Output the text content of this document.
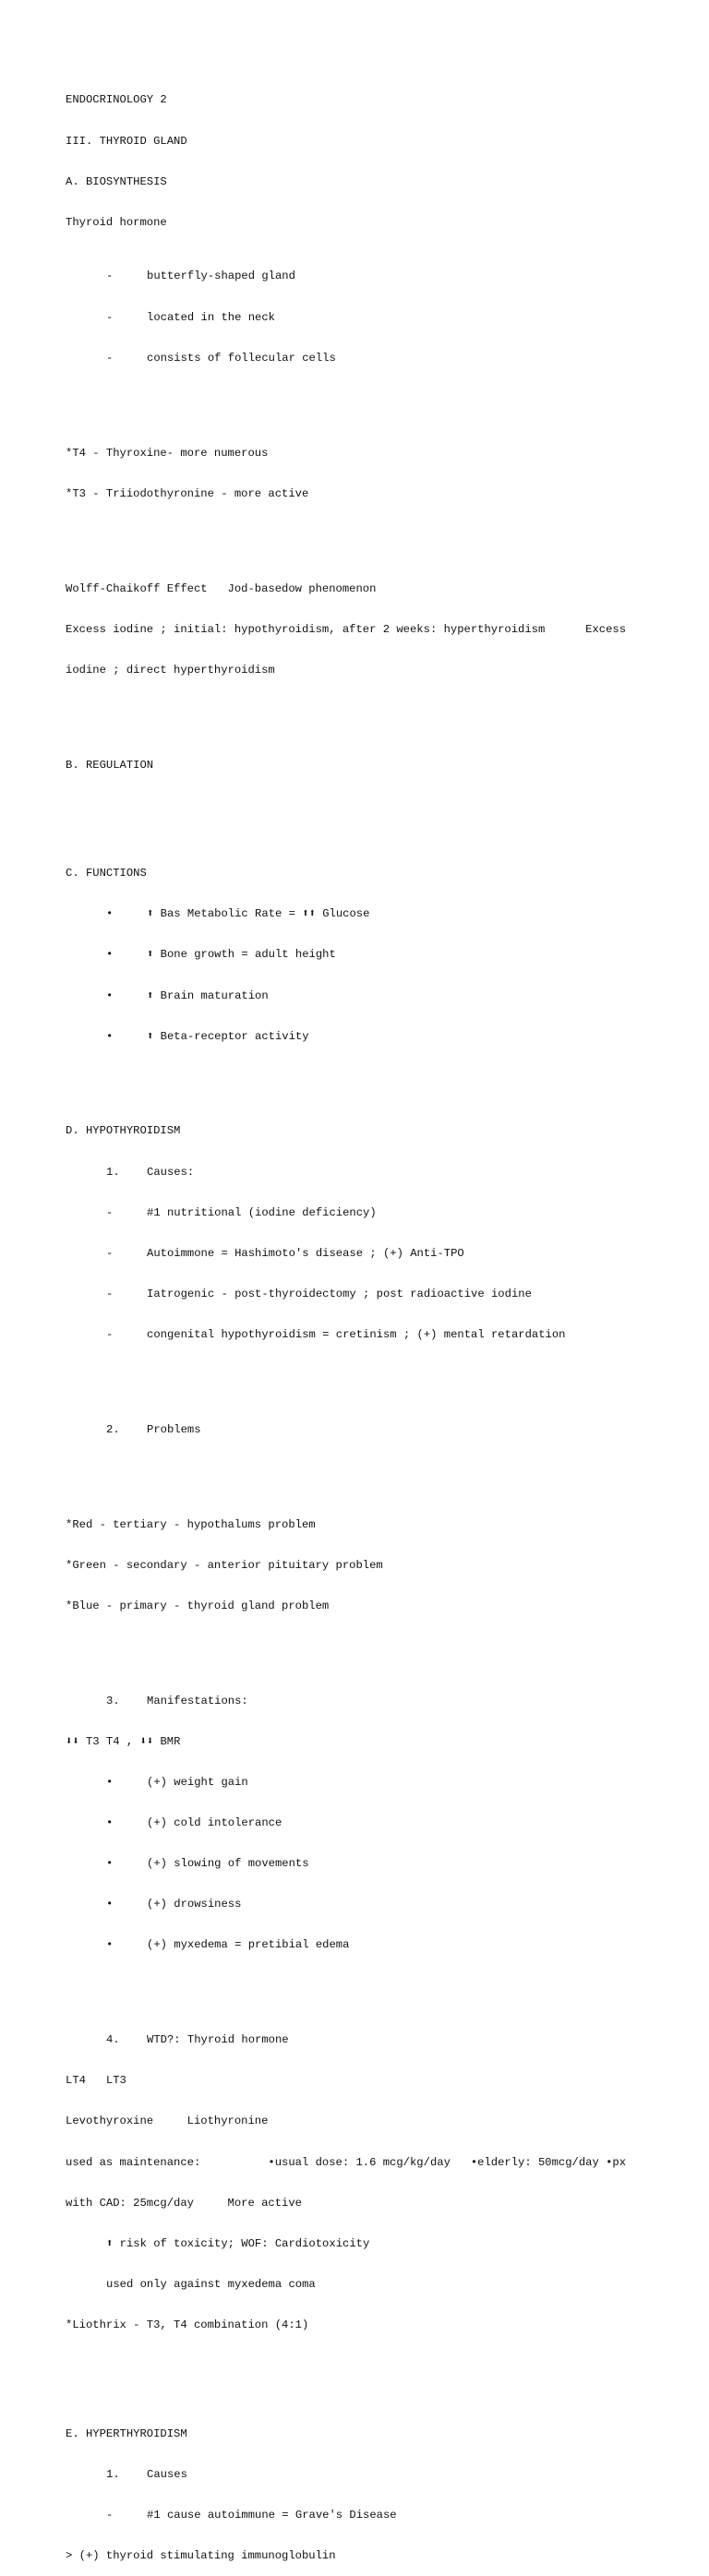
ENDOCRINOLOGY 2

III. THYROID GLAND

A. BIOSYNTHESIS

Thyroid hormone

-	butterfly-shaped gland

-	located in the neck

-	consists of follecular cells

*T4 - Thyroxine- more numerous

*T3 - Triiodothyronine - more active

Wolff-Chaikoff Effect   Jod-basedow phenomenon

Excess iodine ; initial: hypothyroidism, after 2 weeks: hyperthyroidism      Excess

iodine ; direct hyperthyroidism

B. REGULATION

C. FUNCTIONS

•	⬆ Bas Metabolic Rate = ⬆⬆ Glucose

•	⬆ Bone growth = adult height

•	⬆ Brain maturation

•	⬆ Beta-receptor activity

D. HYPOTHYROIDISM

1. Causes:

-	#1 nutritional (iodine deficiency)

-	Autoimmone = Hashimoto's disease ; (+) Anti-TPO

-	Iatrogenic - post-thyroidectomy ; post radioactive iodine

-	congenital hypothyroidism = cretinism ; (+) mental retardation

2. Problems

*Red - tertiary - hypothalums problem

*Green - secondary - anterior pituitary problem

*Blue - primary - thyroid gland problem

3. Manifestations:

⬇⬇ T3 T4 , ⬇⬇ BMR

•	(+) weight gain

•	(+) cold intolerance

•	(+) slowing of movements

•	(+) drowsiness

•	(+) myxedema = pretibial edema

4. WTD?: Thyroid hormone

LT4   LT3

Levothyroxine     Liothyronine

used as maintenance:          •usual dose: 1.6 mcg/kg/day   •elderly: 50mcg/day •px

with CAD: 25mcg/day     More active

⬆ risk of toxicity; WOF: Cardiotoxicity

used only against myxedema coma

*Liothrix - T3, T4 combination (4:1)

E. HYPERTHYROIDISM

1. Causes

-	#1 cause autoimmune = Grave's Disease

> (+) thyroid stimulating immunoglobulin
